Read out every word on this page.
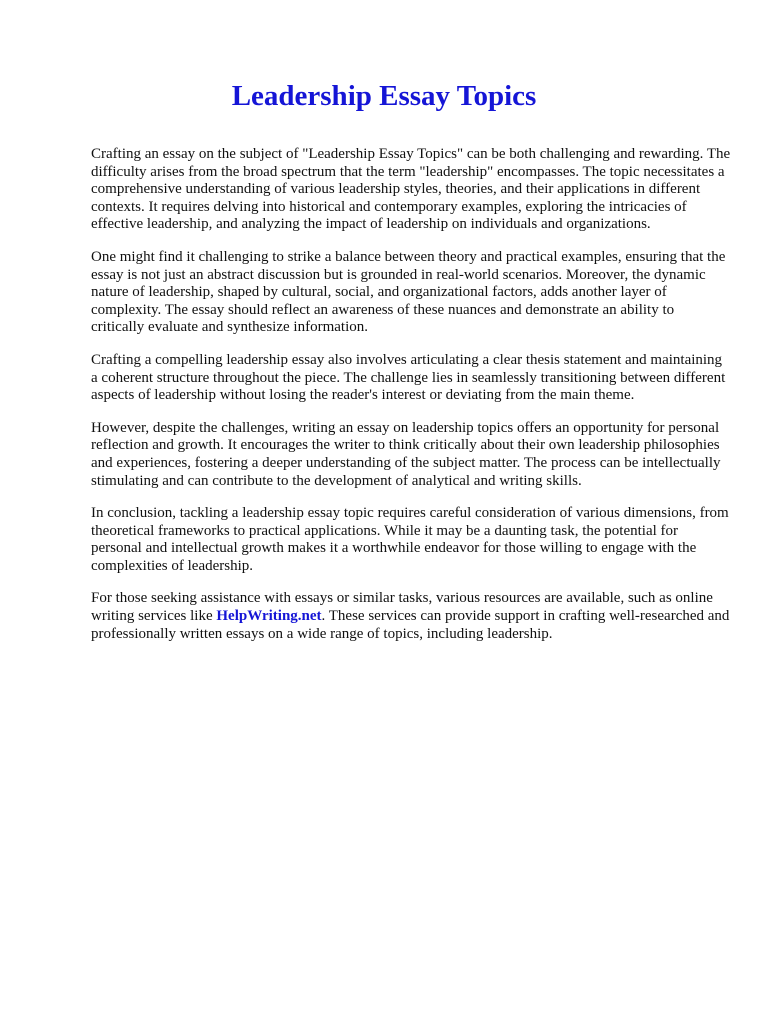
Leadership Essay Topics

Crafting an essay on the subject of "Leadership Essay Topics" can be both challenging and rewarding. The difficulty arises from the broad spectrum that the term "leadership" encompasses. The topic necessitates a comprehensive understanding of various leadership styles, theories, and their applications in different contexts. It requires delving into historical and contemporary examples, exploring the intricacies of effective leadership, and analyzing the impact of leadership on individuals and organizations.

One might find it challenging to strike a balance between theory and practical examples, ensuring that the essay is not just an abstract discussion but is grounded in real-world scenarios. Moreover, the dynamic nature of leadership, shaped by cultural, social, and organizational factors, adds another layer of complexity. The essay should reflect an awareness of these nuances and demonstrate an ability to critically evaluate and synthesize information.

Crafting a compelling leadership essay also involves articulating a clear thesis statement and maintaining a coherent structure throughout the piece. The challenge lies in seamlessly transitioning between different aspects of leadership without losing the reader's interest or deviating from the main theme.

However, despite the challenges, writing an essay on leadership topics offers an opportunity for personal reflection and growth. It encourages the writer to think critically about their own leadership philosophies and experiences, fostering a deeper understanding of the subject matter. The process can be intellectually stimulating and can contribute to the development of analytical and writing skills.

In conclusion, tackling a leadership essay topic requires careful consideration of various dimensions, from theoretical frameworks to practical applications. While it may be a daunting task, the potential for personal and intellectual growth makes it a worthwhile endeavor for those willing to engage with the complexities of leadership.

For those seeking assistance with essays or similar tasks, various resources are available, such as online writing services like HelpWriting.net. These services can provide support in crafting well-researched and professionally written essays on a wide range of topics, including leadership.
